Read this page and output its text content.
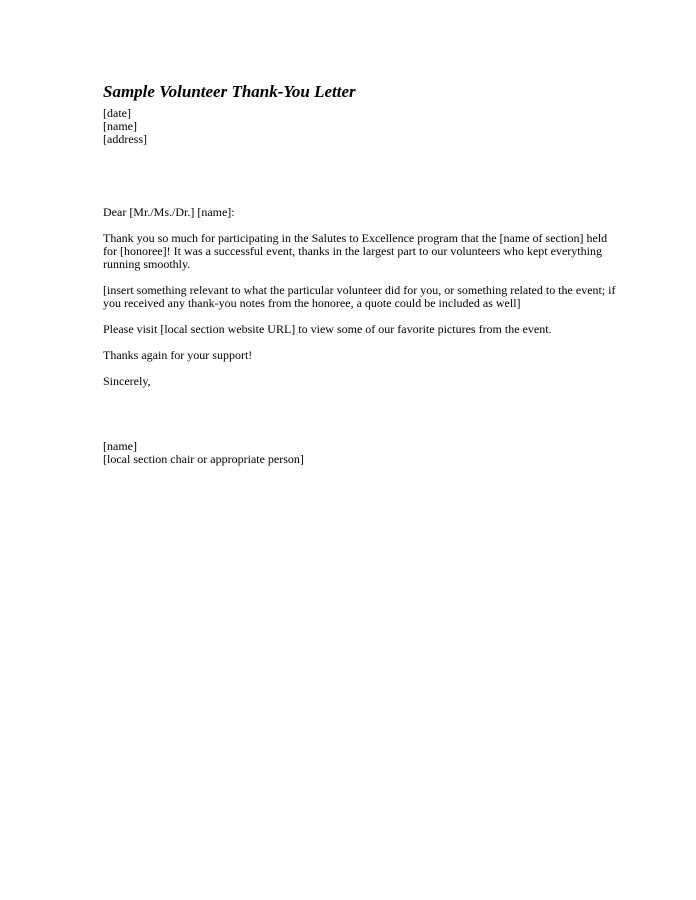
Sample Volunteer Thank-You Letter
[date]
[name]
[address]
Dear [Mr./Ms./Dr.] [name]:
Thank you so much for participating in the Salutes to Excellence program that the [name of section] held
for [honoree]! It was a successful event, thanks in the largest part to our volunteers who kept everything
running smoothly.
[insert something relevant to what the particular volunteer did for you, or something related to the event; if
you received any thank-you notes from the honoree, a quote could be included as well]
Please visit [local section website URL] to view some of our favorite pictures from the event.
Thanks again for your support!
Sincerely,
[name]
[local section chair or appropriate person]
